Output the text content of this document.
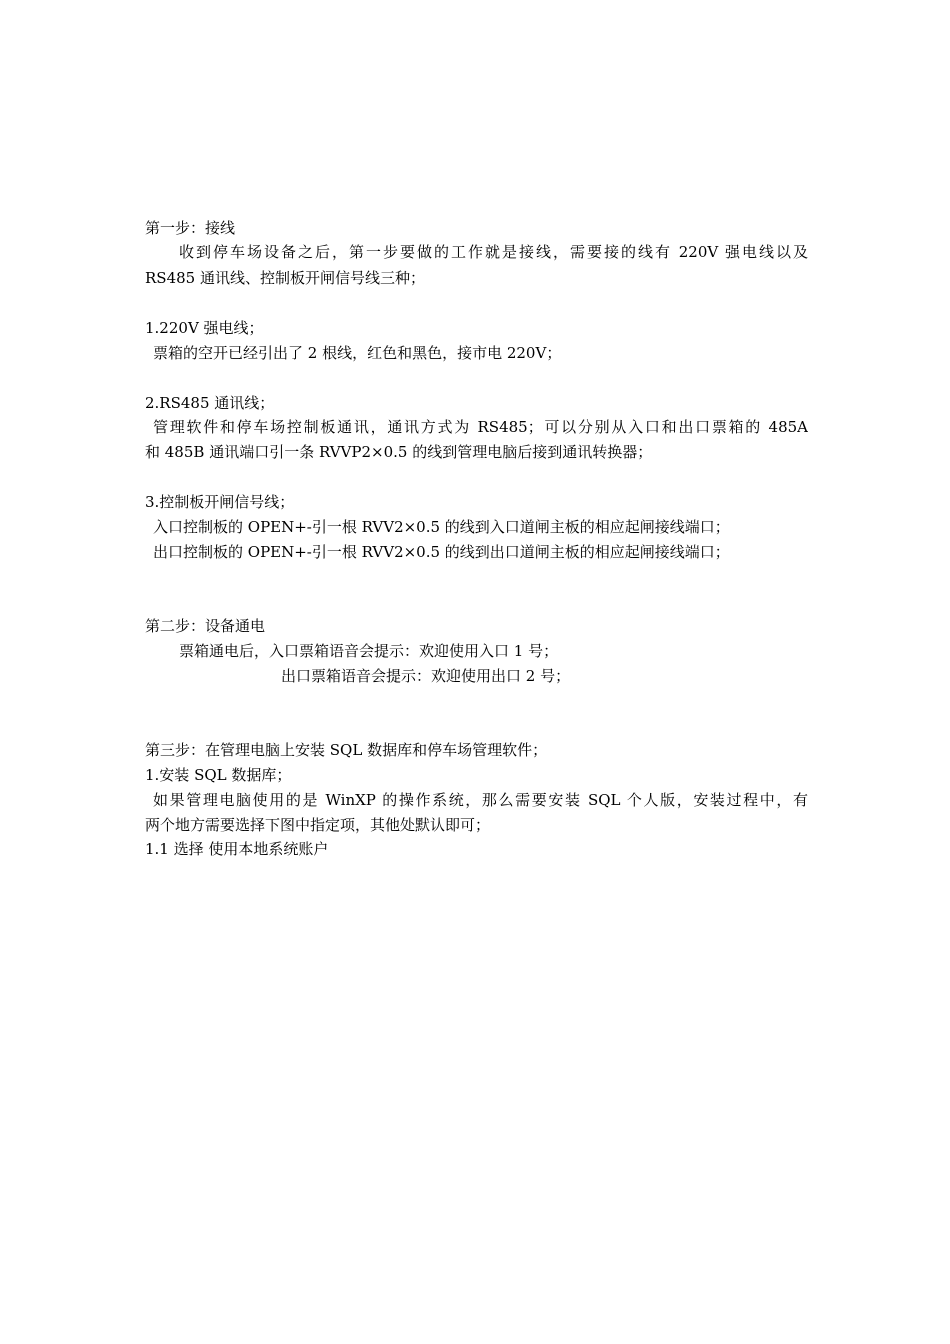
第一步：接线
收到停车场设备之后，第一步要做的工作就是接线，需要接的线有 220V 强电线以及
RS485 通讯线、控制板开闸信号线三种；
1.220V 强电线；
票箱的空开已经引出了 2 根线，红色和黑色，接市电 220V；
2.RS485 通讯线；
管理软件和停车场控制板通讯，通讯方式为 RS485；可以分别从入口和出口票箱的 485A
和 485B 通讯端口引一条 RVVP2×0.5 的线到管理电脑后接到通讯转换器；
3.控制板开闸信号线；
入口控制板的 OPEN+-引一根 RVV2×0.5 的线到入口道闸主板的相应起闸接线端口；
出口控制板的 OPEN+-引一根 RVV2×0.5 的线到出口道闸主板的相应起闸接线端口；
第二步：设备通电
票箱通电后，入口票箱语音会提示：欢迎使用入口 1 号；
出口票箱语音会提示：欢迎使用出口 2 号；
第三步：在管理电脑上安装 SQL 数据库和停车场管理软件；
1.安装 SQL 数据库；
如果管理电脑使用的是 WinXP 的操作系统，那么需要安装 SQL 个人版，安装过程中，有
两个地方需要选择下图中指定项，其他处默认即可；
1.1 选择 使用本地系统账户
